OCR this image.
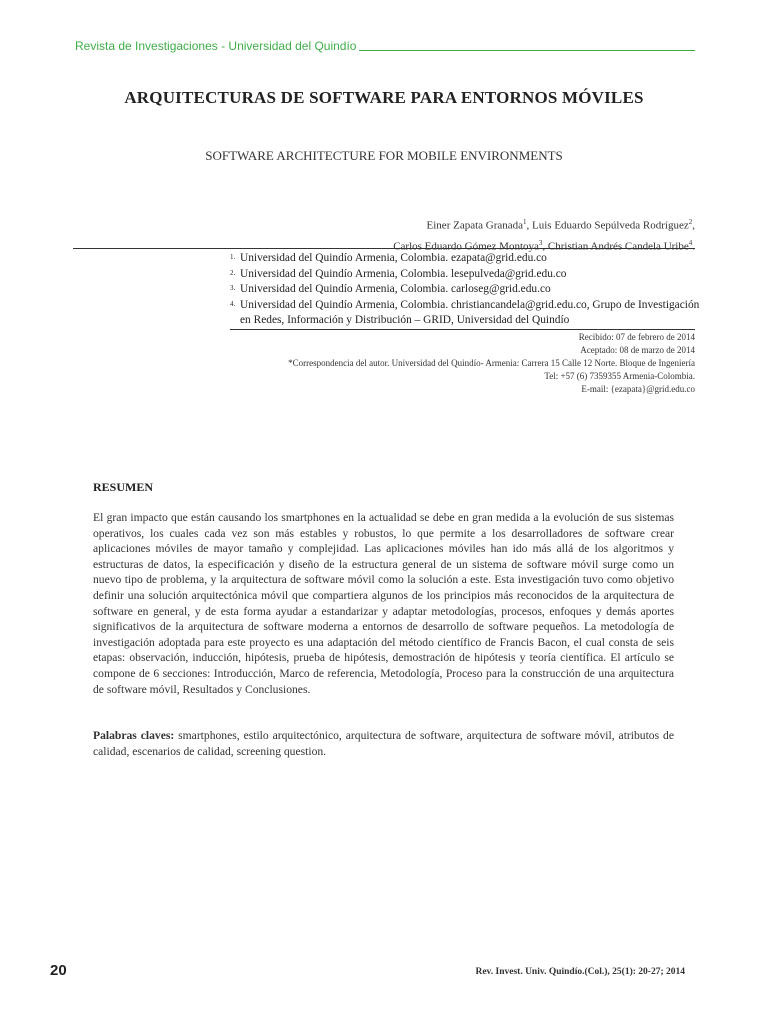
Revista de Investigaciones - Universidad del Quindío
ARQUITECTURAS DE SOFTWARE PARA ENTORNOS MÓVILES
SOFTWARE ARCHITECTURE FOR MOBILE ENVIRONMENTS
Einer Zapata Granada$^1$, Luis Eduardo Sepúlveda Rodríguez$^2$,
Carlos Eduardo Gómez Montoya$^3$, Christian Andrés Candela Uribe$^4$.
1. Universidad del Quindío Armenia, Colombia. ezapata@grid.edu.co
2. Universidad del Quindío Armenia, Colombia. lesepulveda@grid.edu.co
3. Universidad del Quindío Armenia, Colombia. carloseg@grid.edu.co
4. Universidad del Quindío Armenia, Colombia. christiancandela@grid.edu.co, Grupo de Investigación en Redes, Información y Distribución – GRID, Universidad del Quindío
Recibido: 07 de febrero de 2014
Aceptado: 08 de marzo de 2014
*Correspondencia del autor. Universidad del Quindío- Armenia: Carrera 15 Calle 12 Norte. Bloque de Ingeniería
Tel: +57 (6) 7359355 Armenia-Colombia.
E-mail: {ezapata}@grid.edu.co
RESUMEN

El gran impacto que están causando los smartphones en la actualidad se debe en gran medida a la evolución de sus sistemas operativos, los cuales cada vez son más estables y robustos, lo que permite a los desarrolladores de software crear aplicaciones móviles de mayor tamaño y complejidad. Las aplicaciones móviles han ido más allá de los algoritmos y estructuras de datos, la especificación y diseño de la estructura general de un sistema de software móvil surge como un nuevo tipo de problema, y la arquitectura de software móvil como la solución a este. Esta investigación tuvo como objetivo definir una solución arquitectónica móvil que compartiera algunos de los principios más reconocidos de la arquitectura de software en general, y de esta forma ayudar a estandarizar y adaptar metodologías, procesos, enfoques y demás aportes significativos de la arquitectura de software moderna a entornos de desarrollo de software pequeños. La metodología de investigación adoptada para este proyecto es una adaptación del método científico de Francis Bacon, el cual consta de seis etapas: observación, inducción, hipótesis, prueba de hipótesis, demostración de hipótesis y teoría científica. El artículo se compone de 6 secciones: Introducción, Marco de referencia, Metodología, Proceso para la construcción de una arquitectura de software móvil, Resultados y Conclusiones.

Palabras claves: smartphones, estilo arquitectónico, arquitectura de software, arquitectura de software móvil, atributos de calidad, escenarios de calidad, screening question.

20	Rev. Invest. Univ. Quindío.(Col.), 25(1): 20-27; 2014
